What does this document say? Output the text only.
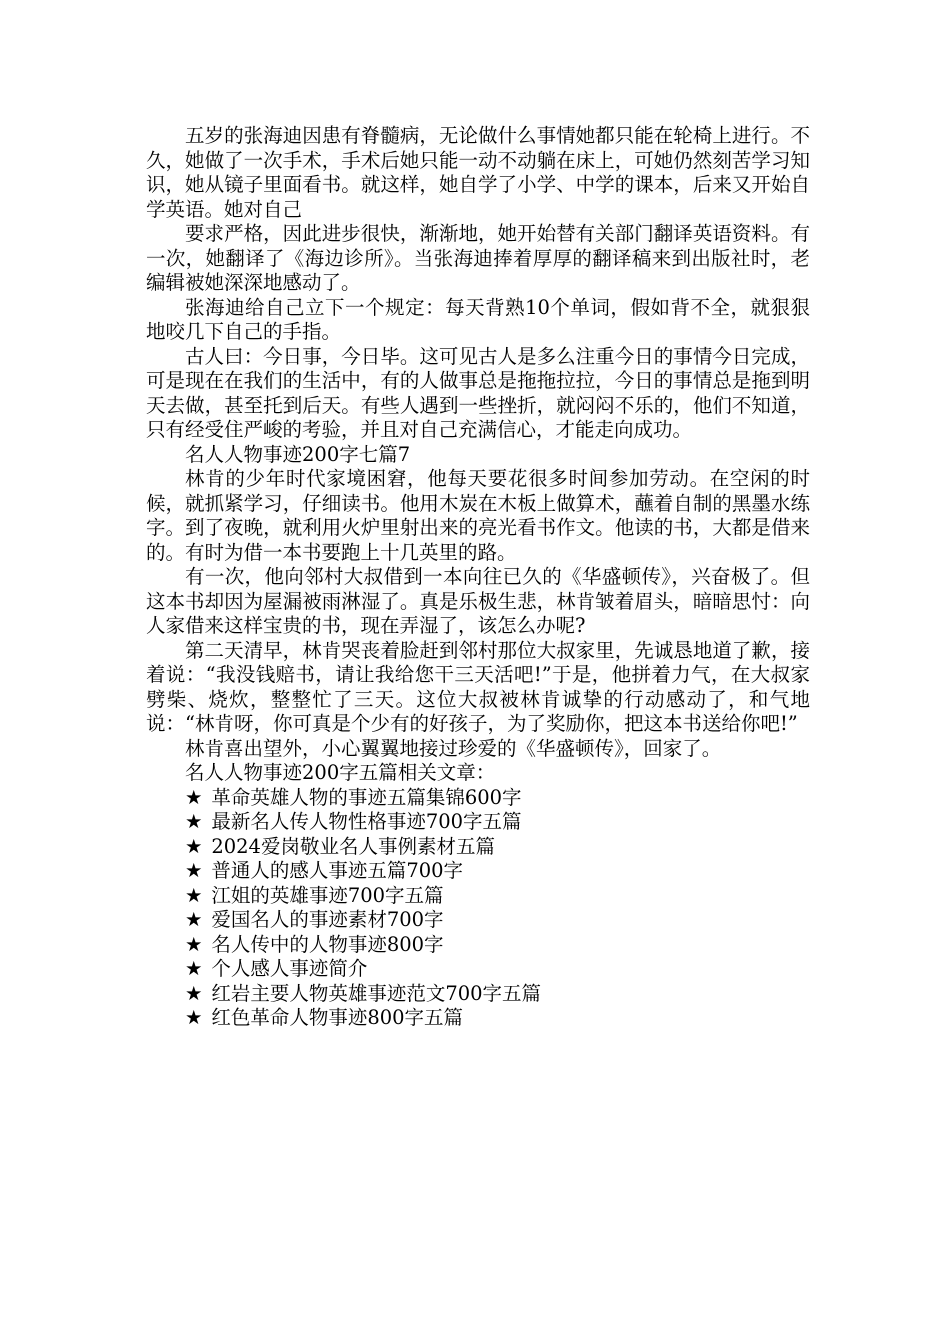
五岁的张海迪因患有脊髓病，无论做什么事情她都只能在轮椅上进行。不久，她做了一次手术，手术后她只能一动不动躺在床上，可她仍然刻苦学习知识，她从镜子里面看书。就这样，她自学了小学、中学的课本，后来又开始自学英语。她对自己

要求严格，因此进步很快，渐渐地，她开始替有关部门翻译英语资料。有一次，她翻译了《海边诊所》。当张海迪捧着厚厚的翻译稿来到出版社时，老编辑被她深深地感动了。

张海迪给自己立下一个规定：每天背熟10个单词，假如背不全，就狠狠地咬几下自己的手指。

古人曰：今日事，今日毕。这可见古人是多么注重今日的事情今日完成，可是现在在我们的生活中，有的人做事总是拖拖拉拉，今日的事情总是拖到明天去做，甚至托到后天。有些人遇到一些挫折，就闷闷不乐的，他们不知道，只有经受住严峻的考验，并且对自己充满信心，才能走向成功。

名人人物事迹200字七篇7

林肯的少年时代家境困窘，他每天要花很多时间参加劳动。在空闲的时候，就抓紧学习，仔细读书。他用木炭在木板上做算术，蘸着自制的黑墨水练字。到了夜晚，就利用火炉里射出来的亮光看书作文。他读的书，大都是借来的。有时为借一本书要跑上十几英里的路。

有一次，他向邻村大叔借到一本向往已久的《华盛顿传》，兴奋极了。但这本书却因为屋漏被雨淋湿了。真是乐极生悲，林肯皱着眉头，暗暗思忖：向人家借来这样宝贵的书，现在弄湿了，该怎么办呢?

第二天清早，林肯哭丧着脸赶到邻村那位大叔家里，先诚恳地道了歉，接着说：“我没钱赔书，请让我给您干三天活吧!”于是，他拼着力气，在大叔家劈柴、烧炊，整整忙了三天。这位大叔被林肯诚挚的行动感动了，和气地说：“林肯呀，你可真是个少有的好孩子，为了奖励你，把这本书送给你吧!”

林肯喜出望外，小心翼翼地接过珍爱的《华盛顿传》，回家了。

名人人物事迹200字五篇相关文章：

★ 革命英雄人物的事迹五篇集锦600字
★ 最新名人传人物性格事迹700字五篇
★ 2024爱岗敬业名人事例素材五篇
★ 普通人的感人事迹五篇700字
★ 江姐的英雄事迹700字五篇
★ 爱国名人的事迹素材700字
★ 名人传中的人物事迹800字
★ 个人感人事迹简介
★ 红岩主要人物英雄事迹范文700字五篇
★ 红色革命人物事迹800字五篇
